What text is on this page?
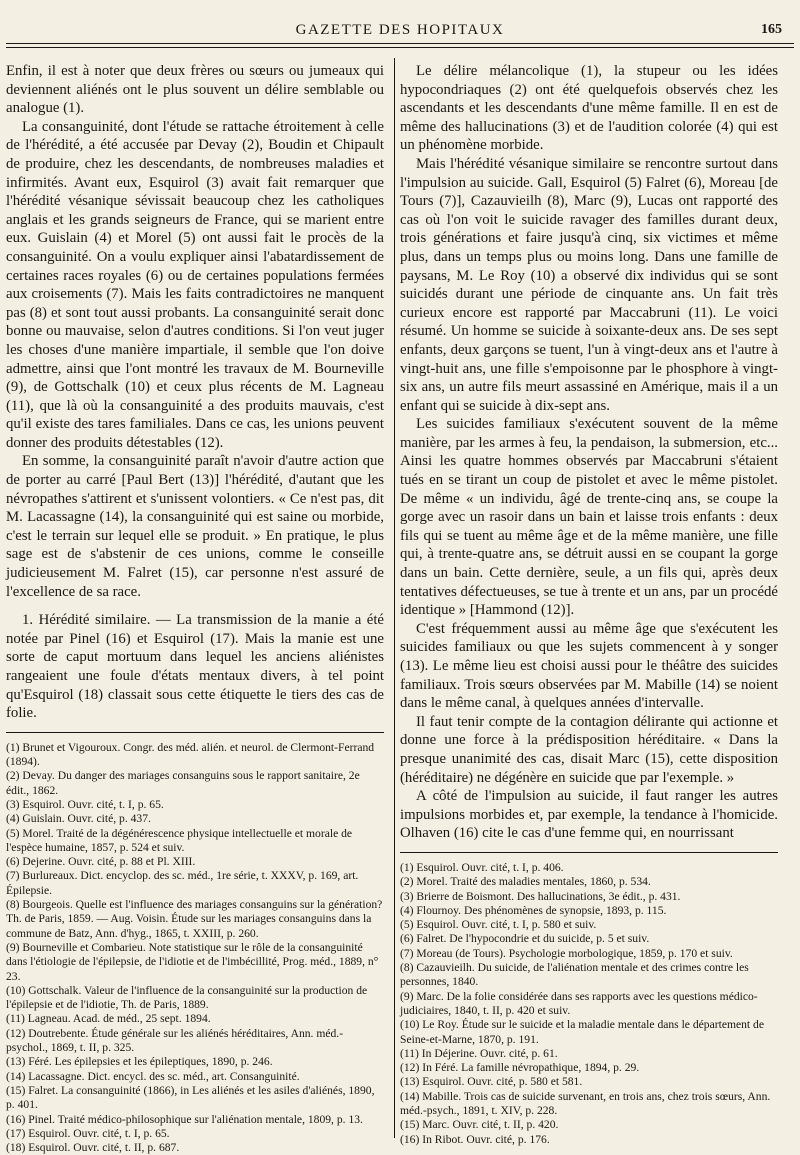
GAZETTE DES HOPITAUX	165

Enfin, il est à noter que deux frères ou sœurs ou jumeaux qui deviennent aliénés ont le plus souvent un délire semblable ou analogue (1).

La consanguinité, dont l'étude se rattache étroitement à celle de l'hérédité, a été accusée par Devay (2), Boudin et Chipault de produire, chez les descendants, de nombreuses maladies et infirmités. Avant eux, Esquirol (3) avait fait remarquer que l'hérédité vésanique sévissait beaucoup chez les catholiques anglais et les grands seigneurs de France, qui se marient entre eux. Guislain (4) et Morel (5) ont aussi fait le procès de la consanguinité. On a voulu expliquer ainsi l'abatardissement de certaines races royales (6) ou de certaines populations fermées aux croisements (7). Mais les faits contradictoires ne manquent pas (8) et sont tout aussi probants. La consanguinité serait donc bonne ou mauvaise, selon d'autres conditions. Si l'on veut juger les choses d'une manière impartiale, il semble que l'on doive admettre, ainsi que l'ont montré les travaux de M. Bourneville (9), de Gottschalk (10) et ceux plus récents de M. Lagneau (11), que là où la consanguinité a des produits mauvais, c'est qu'il existe des tares familiales. Dans ce cas, les unions peuvent donner des produits détestables (12).

En somme, la consanguinité paraît n'avoir d'autre action que de porter au carré [Paul Bert (13)] l'hérédité, d'autant que les névropathes s'attirent et s'unissent volontiers. « Ce n'est pas, dit M. Lacassagne (14), la consanguinité qui est saine ou morbide, c'est le terrain sur lequel elle se produit. » En pratique, le plus sage est de s'abstenir de ces unions, comme le conseille judicieusement M. Falret (15), car personne n'est assuré de l'excellence de sa race.

1. Hérédité similaire. — La transmission de la manie a été notée par Pinel (16) et Esquirol (17). Mais la manie est une sorte de caput mortuum dans lequel les anciens aliénistes rangeaient une foule d'états mentaux divers, à tel point qu'Esquirol (18) classait sous cette étiquette le tiers des cas de folie.

(1) Brunet et Vigouroux. Congr. des méd. alién. et neurol. de Clermont-Ferrand (1894).

(2) Devay. Du danger des mariages consanguins sous le rapport sanitaire, 2e édit., 1862.

(3) Esquirol. Ouvr. cité, t. I, p. 65.

(4) Guislain. Ouvr. cité, p. 437.

(5) Morel. Traité de la dégénérescence physique intellectuelle et morale de l'espèce humaine, 1857, p. 524 et suiv.

(6) Dejerine. Ouvr. cité, p. 88 et Pl. XIII.

(7) Burlureaux. Dict. encyclop. des sc. méd., 1re série, t. XXXV, p. 169, art. Épilepsie.

(8) Bourgeois. Quelle est l'influence des mariages consanguins sur la génération? Th. de Paris, 1859. — Aug. Voisin. Étude sur les mariages consanguins dans la commune de Batz, Ann. d'hyg., 1865, t. XXIII, p. 260.

(9) Bourneville et Combarieu. Note statistique sur le rôle de la consanguinité dans l'étiologie de l'épilepsie, de l'idiotie et de l'imbécillité, Prog. méd., 1889, n° 23.

(10) Gottschalk. Valeur de l'influence de la consanguinité sur la production de l'épilepsie et de l'idiotie, Th. de Paris, 1889.

(11) Lagneau. Acad. de méd., 25 sept. 1894.

(12) Doutrebente. Étude générale sur les aliénés héréditaires, Ann. méd.-psychol., 1869, t. II, p. 325.

(13) Féré. Les épilepsies et les épileptiques, 1890, p. 246.

(14) Lacassagne. Dict. encycl. des sc. méd., art. Consanguinité.

(15) Falret. La consanguinité (1866), in Les aliénés et les asiles d'aliénés, 1890, p. 401.

(16) Pinel. Traité médico-philosophique sur l'aliénation mentale, 1809, p. 13.

(17) Esquirol. Ouvr. cité, t. I, p. 65.

(18) Esquirol. Ouvr. cité, t. II, p. 687.

Le délire mélancolique (1), la stupeur ou les idées hypocondriaques (2) ont été quelquefois observés chez les ascendants et les descendants d'une même famille. Il en est de même des hallucinations (3) et de l'audition colorée (4) qui est un phénomène morbide.

Mais l'hérédité vésanique similaire se rencontre surtout dans l'impulsion au suicide. Gall, Esquirol (5) Falret (6), Moreau [de Tours (7)], Cazauvieilh (8), Marc (9), Lucas ont rapporté des cas où l'on voit le suicide ravager des familles durant deux, trois générations et faire jusqu'à cinq, six victimes et même plus, dans un temps plus ou moins long. Dans une famille de paysans, M. Le Roy (10) a observé dix individus qui se sont suicidés durant une période de cinquante ans. Un fait très curieux encore est rapporté par Maccabruni (11). Le voici résumé. Un homme se suicide à soixante-deux ans. De ses sept enfants, deux garçons se tuent, l'un à vingt-deux ans et l'autre à vingt-huit ans, une fille s'empoisonne par le phosphore à vingt-six ans, un autre fils meurt assassiné en Amérique, mais il a un enfant qui se suicide à dix-sept ans.

Les suicides familiaux s'exécutent souvent de la même manière, par les armes à feu, la pendaison, la submersion, etc... Ainsi les quatre hommes observés par Maccabruni s'étaient tués en se tirant un coup de pistolet et avec le même pistolet. De même « un individu, âgé de trente-cinq ans, se coupe la gorge avec un rasoir dans un bain et laisse trois enfants : deux fils qui se tuent au même âge et de la même manière, une fille qui, à trente-quatre ans, se détruit aussi en se coupant la gorge dans un bain. Cette dernière, seule, a un fils qui, après deux tentatives défectueuses, se tue à trente et un ans, par un procédé identique » [Hammond (12)].

C'est fréquemment aussi au même âge que s'exécutent les suicides familiaux ou que les sujets commencent à y songer (13). Le même lieu est choisi aussi pour le théâtre des suicides familiaux. Trois sœurs observées par M. Mabille (14) se noient dans le même canal, à quelques années d'intervalle.

Il faut tenir compte de la contagion délirante qui actionne et donne une force à la prédisposition héréditaire. « Dans la presque unanimité des cas, disait Marc (15), cette disposition (héréditaire) ne dégénère en suicide que par l'exemple. »

A côté de l'impulsion au suicide, il faut ranger les autres impulsions morbides et, par exemple, la tendance à l'homicide. Olhaven (16) cite le cas d'une femme qui, en nourrissant

(1) Esquirol. Ouvr. cité, t. I, p. 406.

(2) Morel. Traité des maladies mentales, 1860, p. 534.

(3) Brierre de Boismont. Des hallucinations, 3e édit., p. 431.

(4) Flournoy. Des phénomènes de synopsie, 1893, p. 115.

(5) Esquirol. Ouvr. cité, t. I, p. 580 et suiv.

(6) Falret. De l'hypocondrie et du suicide, p. 5 et suiv.

(7) Moreau (de Tours). Psychologie morbologique, 1859, p. 170 et suiv.

(8) Cazauvieilh. Du suicide, de l'aliénation mentale et des crimes contre les personnes, 1840.

(9) Marc. De la folie considérée dans ses rapports avec les questions médico-judiciaires, 1840, t. II, p. 420 et suiv.

(10) Le Roy. Étude sur le suicide et la maladie mentale dans le département de Seine-et-Marne, 1870, p. 191.

(11) In Déjerine. Ouvr. cité, p. 61.

(12) In Féré. La famille névropathique, 1894, p. 29.

(13) Esquirol. Ouvr. cité, p. 580 et 581.

(14) Mabille. Trois cas de suicide survenant, en trois ans, chez trois sœurs, Ann. méd.-psych., 1891, t. XIV, p. 228.

(15) Marc. Ouvr. cité, t. II, p. 420.

(16) In Ribot. Ouvr. cité, p. 176.
